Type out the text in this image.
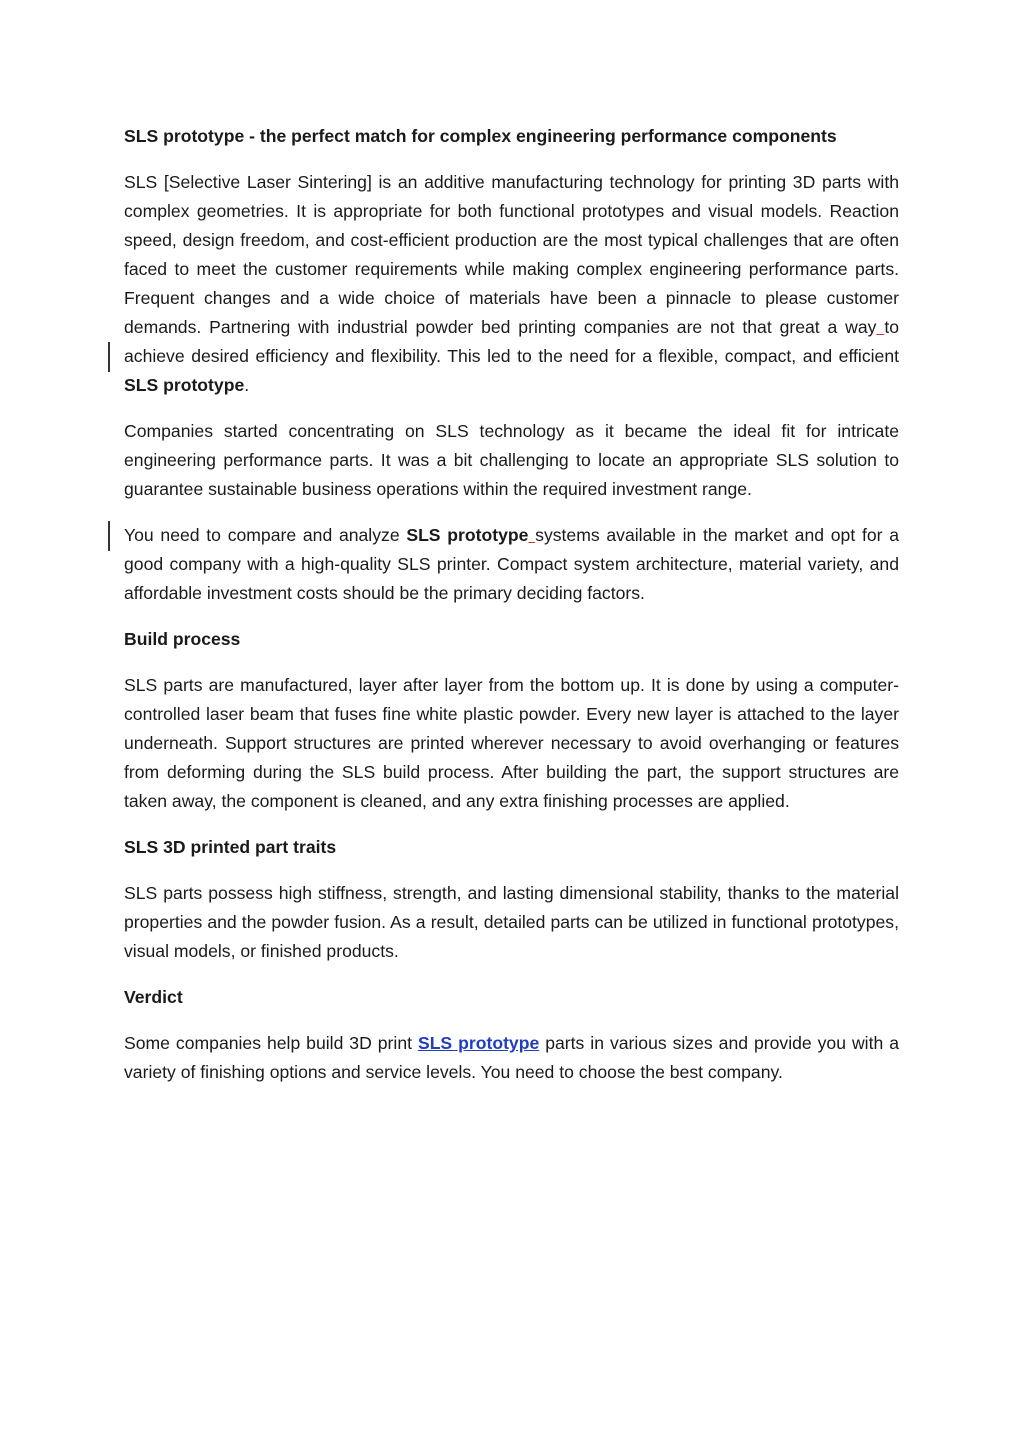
SLS prototype - the perfect match for complex engineering performance components

SLS [Selective Laser Sintering] is an additive manufacturing technology for printing 3D parts with complex geometries. It is appropriate for both functional prototypes and visual models. Reaction speed, design freedom, and cost-efficient production are the most typical challenges that are often faced to meet the customer requirements while making complex engineering performance parts. Frequent changes and a wide choice of materials have been a pinnacle to please customer demands. Partnering with industrial powder bed printing companies are not that great a way to achieve desired efficiency and flexibility. This led to the need for a flexible, compact, and efficient SLS prototype.

Companies started concentrating on SLS technology as it became the ideal fit for intricate engineering performance parts. It was a bit challenging to locate an appropriate SLS solution to guarantee sustainable business operations within the required investment range.

You need to compare and analyze SLS prototype systems available in the market and opt for a good company with a high-quality SLS printer. Compact system architecture, material variety, and affordable investment costs should be the primary deciding factors.

Build process

SLS parts are manufactured, layer after layer from the bottom up. It is done by using a computer-controlled laser beam that fuses fine white plastic powder. Every new layer is attached to the layer underneath. Support structures are printed wherever necessary to avoid overhanging or features from deforming during the SLS build process. After building the part, the support structures are taken away, the component is cleaned, and any extra finishing processes are applied.

SLS 3D printed part traits

SLS parts possess high stiffness, strength, and lasting dimensional stability, thanks to the material properties and the powder fusion. As a result, detailed parts can be utilized in functional prototypes, visual models, or finished products.

Verdict

Some companies help build 3D print SLS prototype parts in various sizes and provide you with a variety of finishing options and service levels. You need to choose the best company.
